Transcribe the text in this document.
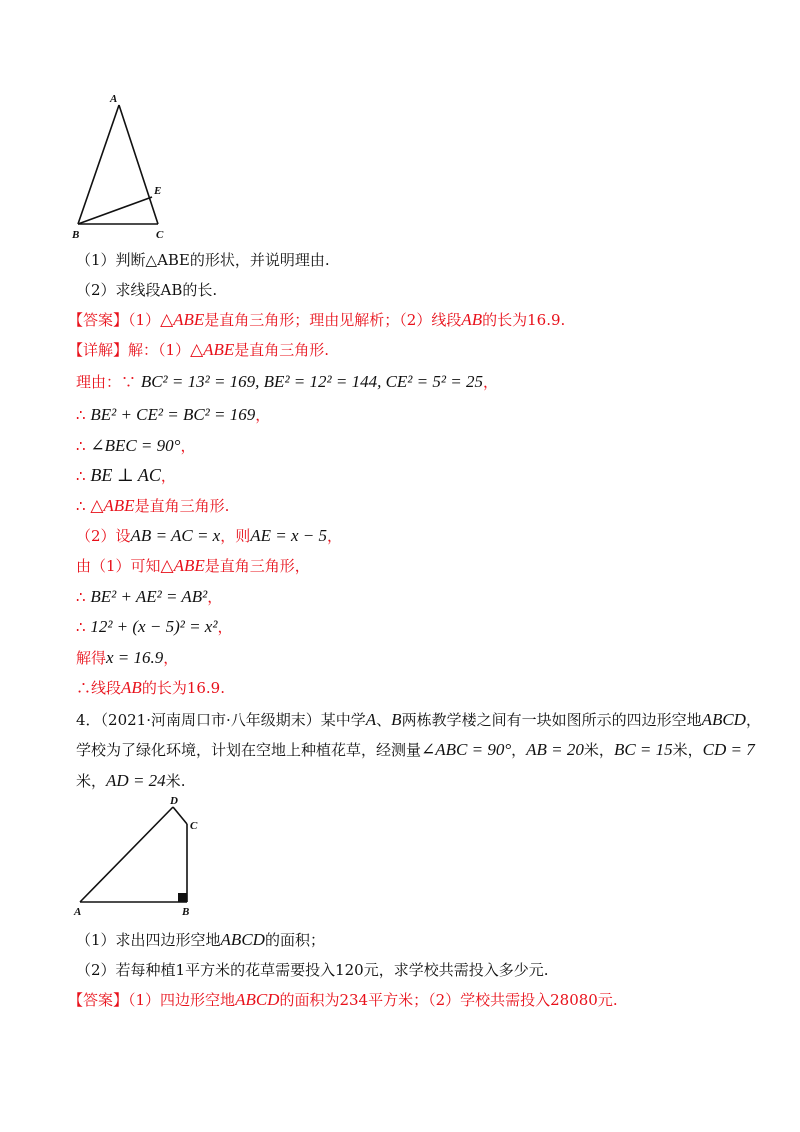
A
E
B	C
（1）判断△ABE的形状，并说明理由.
（2）求线段AB的长.
【答案】（1）△ABE是直角三角形；理由见解析；（2）线段AB的长为16.9.
【详解】解：（1）△ABE是直角三角形.
理由：∵ BC² = 13² = 169, BE² = 12² = 144, CE² = 5² = 25，
∴ BE² + CE² = BC² = 169，
∴ ∠BEC = 90°，
∴ BE ⊥ AC，
∴ △ABE是直角三角形.
（2）设AB = AC = x，则AE = x − 5，
由（1）可知△ABE是直角三角形，
∴ BE² + AE² = AB²，
∴ 12² + (x − 5)² = x²，
解得x = 16.9，
∴线段AB的长为16.9.
4．（2021·河南周口市·八年级期末）某中学A、B两栋教学楼之间有一块如图所示的四边形空地ABCD，
学校为了绿化环境，计划在空地上种植花草，经测量∠ABC = 90°，AB = 20米，BC = 15米，CD = 7
米，AD = 24米.
D
C
A	B
（1）求出四边形空地ABCD的面积；
（2）若每种植1平方米的花草需要投入120元，求学校共需投入多少元.
【答案】（1）四边形空地ABCD的面积为234平方米；（2）学校共需投入28080元.
